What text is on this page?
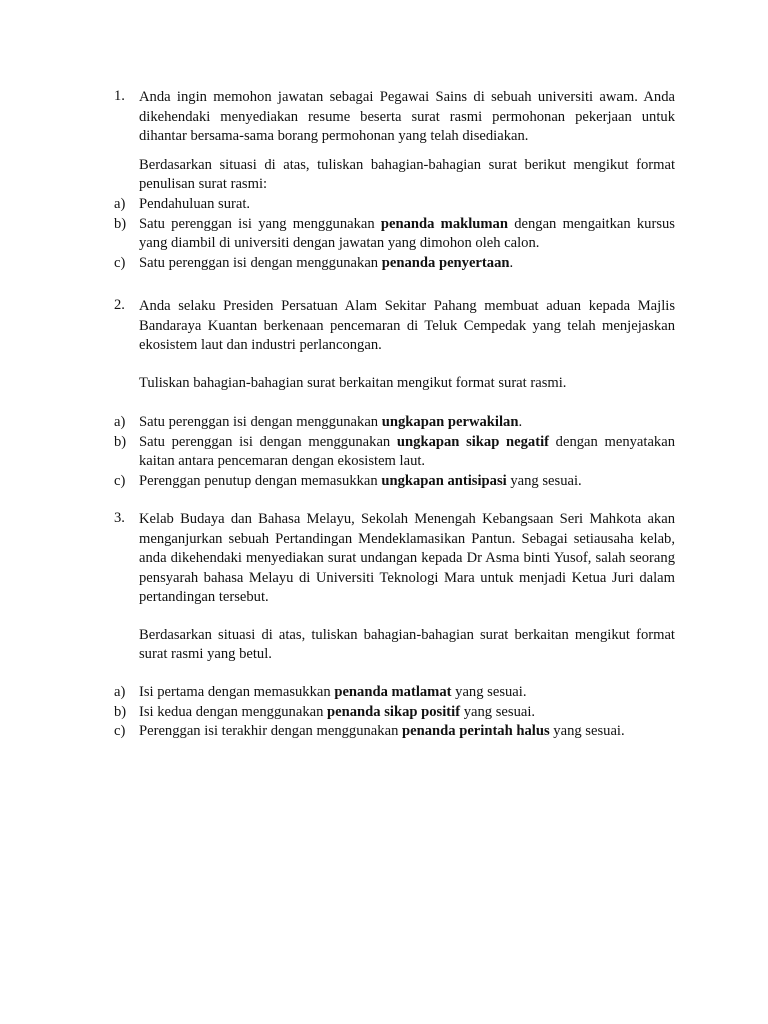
1. Anda ingin memohon jawatan sebagai Pegawai Sains di sebuah universiti awam. Anda dikehendaki menyediakan resume beserta surat rasmi permohonan pekerjaan untuk dihantar bersama-sama borang permohonan yang telah disediakan.

Berdasarkan situasi di atas, tuliskan bahagian-bahagian surat berikut mengikut format penulisan surat rasmi:

a) Pendahuluan surat.
b) Satu perenggan isi yang menggunakan penanda makluman dengan mengaitkan kursus yang diambil di universiti dengan jawatan yang dimohon oleh calon.
c) Satu perenggan isi dengan menggunakan penanda penyertaan.
2. Anda selaku Presiden Persatuan Alam Sekitar Pahang membuat aduan kepada Majlis Bandaraya Kuantan berkenaan pencemaran di Teluk Cempedak yang telah menjejaskan ekosistem laut dan industri perlancongan.

Tuliskan bahagian-bahagian surat berkaitan mengikut format surat rasmi.

a) Satu perenggan isi dengan menggunakan ungkapan perwakilan.
b) Satu perenggan isi dengan menggunakan ungkapan sikap negatif dengan menyatakan kaitan antara pencemaran dengan ekosistem laut.
c) Perenggan penutup dengan memasukkan ungkapan antisipasi yang sesuai.
3. Kelab Budaya dan Bahasa Melayu, Sekolah Menengah Kebangsaan Seri Mahkota akan menganjurkan sebuah Pertandingan Mendeklamasikan Pantun. Sebagai setiausaha kelab, anda dikehendaki menyediakan surat undangan kepada Dr Asma binti Yusof, salah seorang pensyarah bahasa Melayu di Universiti Teknologi Mara untuk menjadi Ketua Juri dalam pertandingan tersebut.

Berdasarkan situasi di atas, tuliskan bahagian-bahagian surat berkaitan mengikut format surat rasmi yang betul.

a) Isi pertama dengan memasukkan penanda matlamat yang sesuai.
b) Isi kedua dengan menggunakan penanda sikap positif yang sesuai.
c) Perenggan isi terakhir dengan menggunakan penanda perintah halus yang sesuai.
